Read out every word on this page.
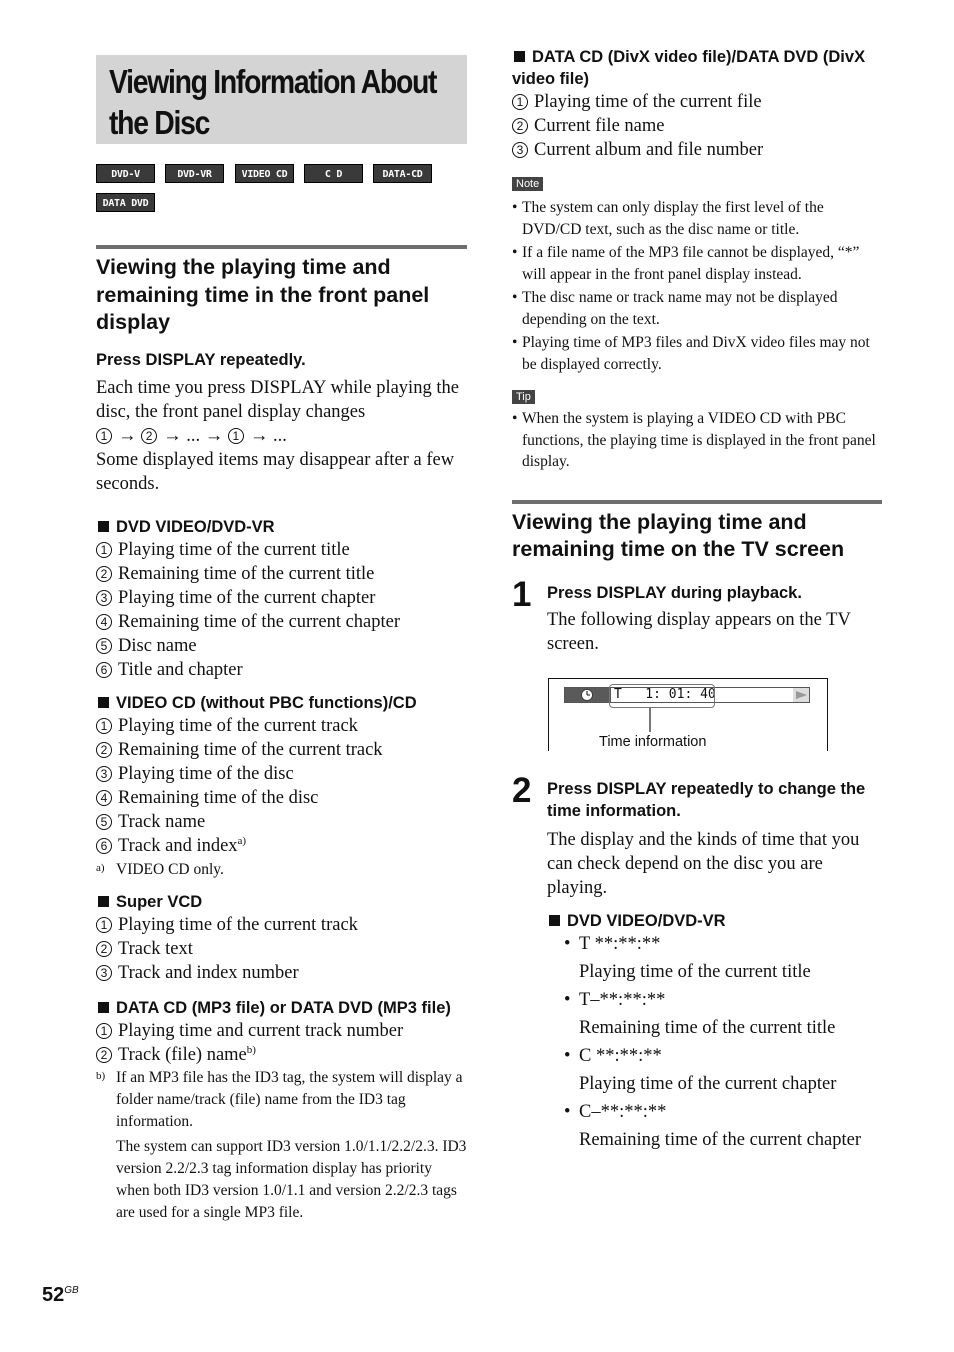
Viewing Information About the Disc
DVD-V	DVD-VR	VIDEO CD	C D	DATA-CD
DATA DVD
Viewing the playing time and remaining time in the front panel display
Press DISPLAY repeatedly.

Each time you press DISPLAY while playing the disc, the front panel display changes

1 → 2 → ... → 1 → ...

Some displayed items may disappear after a few seconds.

DVD VIDEO/DVD-VR
1 Playing time of the current title
2 Remaining time of the current title
3 Playing time of the current chapter
4 Remaining time of the current chapter
5 Disc name
6 Title and chapter
VIDEO CD (without PBC functions)/CD
1 Playing time of the current track
2 Remaining time of the current track
3 Playing time of the disc
4 Remaining time of the disc
5 Track name
6 Track and index$^{a)}$
a) VIDEO CD only.
Super VCD
1 Playing time of the current track
2 Track text
3 Track and index number
DATA CD (MP3 file) or DATA DVD (MP3 file)
1 Playing time and current track number
2 Track (file) name$^{b)}$
b) If an MP3 file has the ID3 tag, the system will display a folder name/track (file) name from the ID3 tag information.
The system can support ID3 version 1.0/1.1/2.2/2.3. ID3 version 2.2/2.3 tag information display has priority when both ID3 version 1.0/1.1 and version 2.2/2.3 tags are used for a single MP3 file.
DATA CD (DivX video file)/DATA DVD (DivX video file)
1 Playing time of the current file
2 Current file name
3 Current album and file number
Note
• The system can only display the first level of the DVD/CD text, such as the disc name or title.
• If a file name of the MP3 file cannot be displayed, “*” will appear in the front panel display instead.
• The disc name or track name may not be displayed depending on the text.
• Playing time of MP3 files and DivX video files may not be displayed correctly.
Tip
• When the system is playing a VIDEO CD with PBC functions, the playing time is displayed in the front panel display.
Viewing the playing time and remaining time on the TV screen
1 Press DISPLAY during playback.

The following display appears on the TV screen.

T   1: 01: 40
Time information
2 Press DISPLAY repeatedly to change the time information.

The display and the kinds of time that you can check depend on the disc you are playing.

DVD VIDEO/DVD-VR
• T **:**:**
Playing time of the current title
• T–**:**:**
Remaining time of the current title
• C **:**:**
Playing time of the current chapter
• C–**:**:**
Remaining time of the current chapter
$52^{GB}$
